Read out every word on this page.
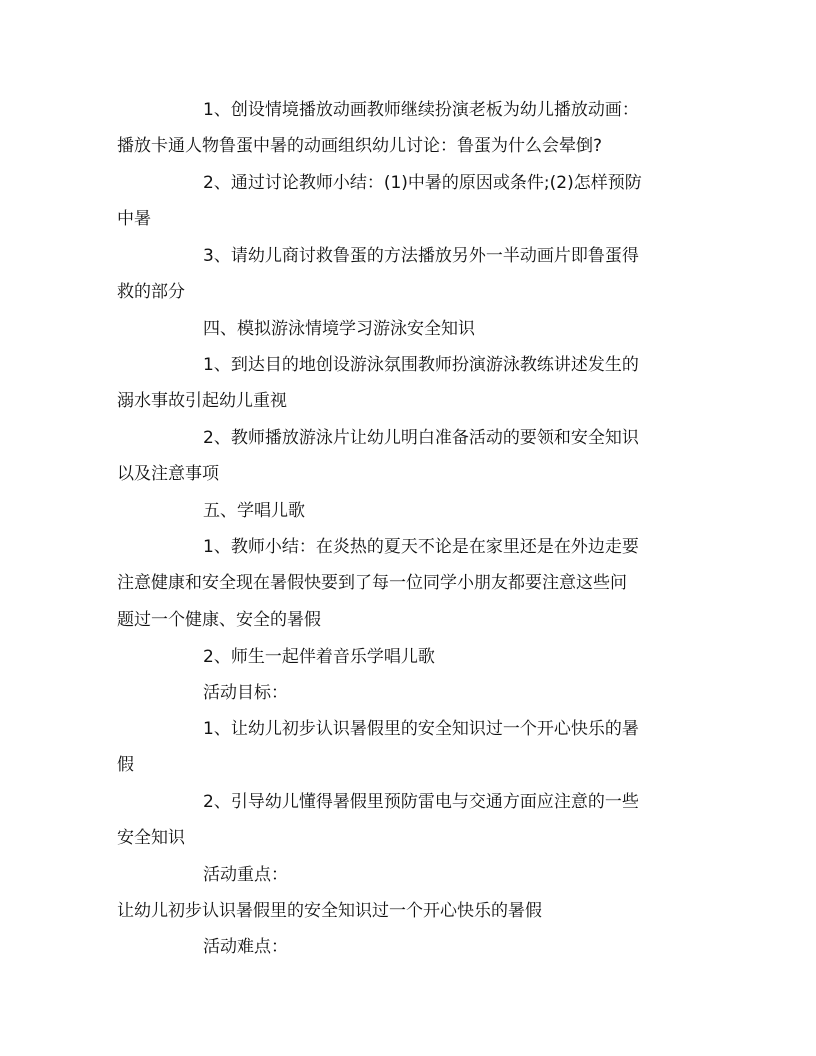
1、创设情境播放动画教师继续扮演老板为幼儿播放动画：
播放卡通人物鲁蛋中暑的动画组织幼儿讨论：鲁蛋为什么会晕倒?
2、通过讨论教师小结：(1)中暑的原因或条件;(2)怎样预防
中暑
3、请幼儿商讨救鲁蛋的方法播放另外一半动画片即鲁蛋得
救的部分
四、模拟游泳情境学习游泳安全知识
1、到达目的地创设游泳氛围教师扮演游泳教练讲述发生的
溺水事故引起幼儿重视
2、教师播放游泳片让幼儿明白准备活动的要领和安全知识
以及注意事项
五、学唱儿歌
1、教师小结：在炎热的夏天不论是在家里还是在外边走要
注意健康和安全现在暑假快要到了每一位同学小朋友都要注意这些问
题过一个健康、安全的暑假
2、师生一起伴着音乐学唱儿歌
活动目标：
1、让幼儿初步认识暑假里的安全知识过一个开心快乐的暑
假
2、引导幼儿懂得暑假里预防雷电与交通方面应注意的一些
安全知识
活动重点：
让幼儿初步认识暑假里的安全知识过一个开心快乐的暑假
活动难点：
